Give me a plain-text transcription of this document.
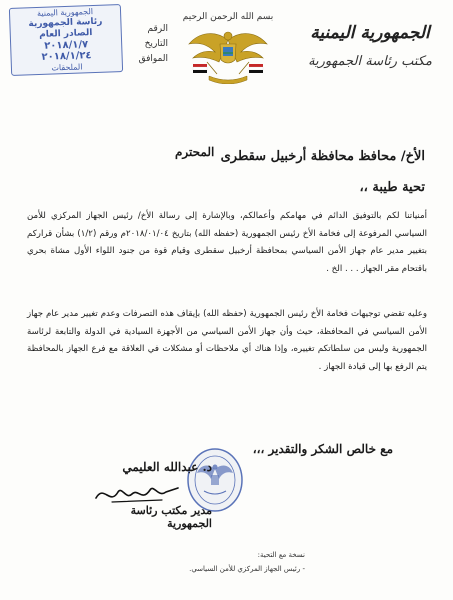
الجمهورية اليمنية
مكتب رئاسة الجمهورية
بسم الله الرحمن الرحيم
الجمهورية اليمنية
رئاسة الجمهورية
الصادر العام
٢٠١٨/١/٧
٢٠١٨/١/٢٤
الملحقات
الرقم
التاريخ
الموافق
الأخ/ محافظ محافظة أرخبيل سقطرى
المحترم
تحية طيبة ،،
أمنياتنا لكم بالتوفيق الدائم في مهامكم وأعمالكم، وبالإشارة إلى رسالة الأخ/ رئيس الجهاز المركزي للأمن السياسي المرفوعة إلى فخامة الأخ رئيس الجمهورية (حفظه الله) بتاريخ ٢٠١٨/٠١/٠٤م ورقم (١/٢) بشأن قراركم بتغيير مدير عام جهاز الأمن السياسي بمحافظة أرخبيل سقطرى وقيام قوة من جنود اللواء الأول مشاة بحري باقتحام مقر الجهاز . . . الخ .
وعليه تقضي توجيهات فخامة الأخ رئيس الجمهورية (حفظه الله) بإيقاف هذه التصرفات وعدم تغيير مدير عام جهاز الأمن السياسي في المحافظة، حيث وأن جهاز الأمن السياسي من الأجهزة السيادية في الدولة والتابعة لرئاسة الجمهورية وليس من سلطاتكم تغييره، وإذا هناك أي ملاحظات أو مشكلات في العلاقة مع فرع الجهاز بالمحافظة يتم الرفع بها إلى قيادة الجهاز .
مع خالص الشكر والتقدير ،،،
د. عبدالله العليمي
مدير مكتب رئاسة الجمهورية
نسخة مع التحية:
- رئيس الجهاز المركزي للأمن السياسي.
